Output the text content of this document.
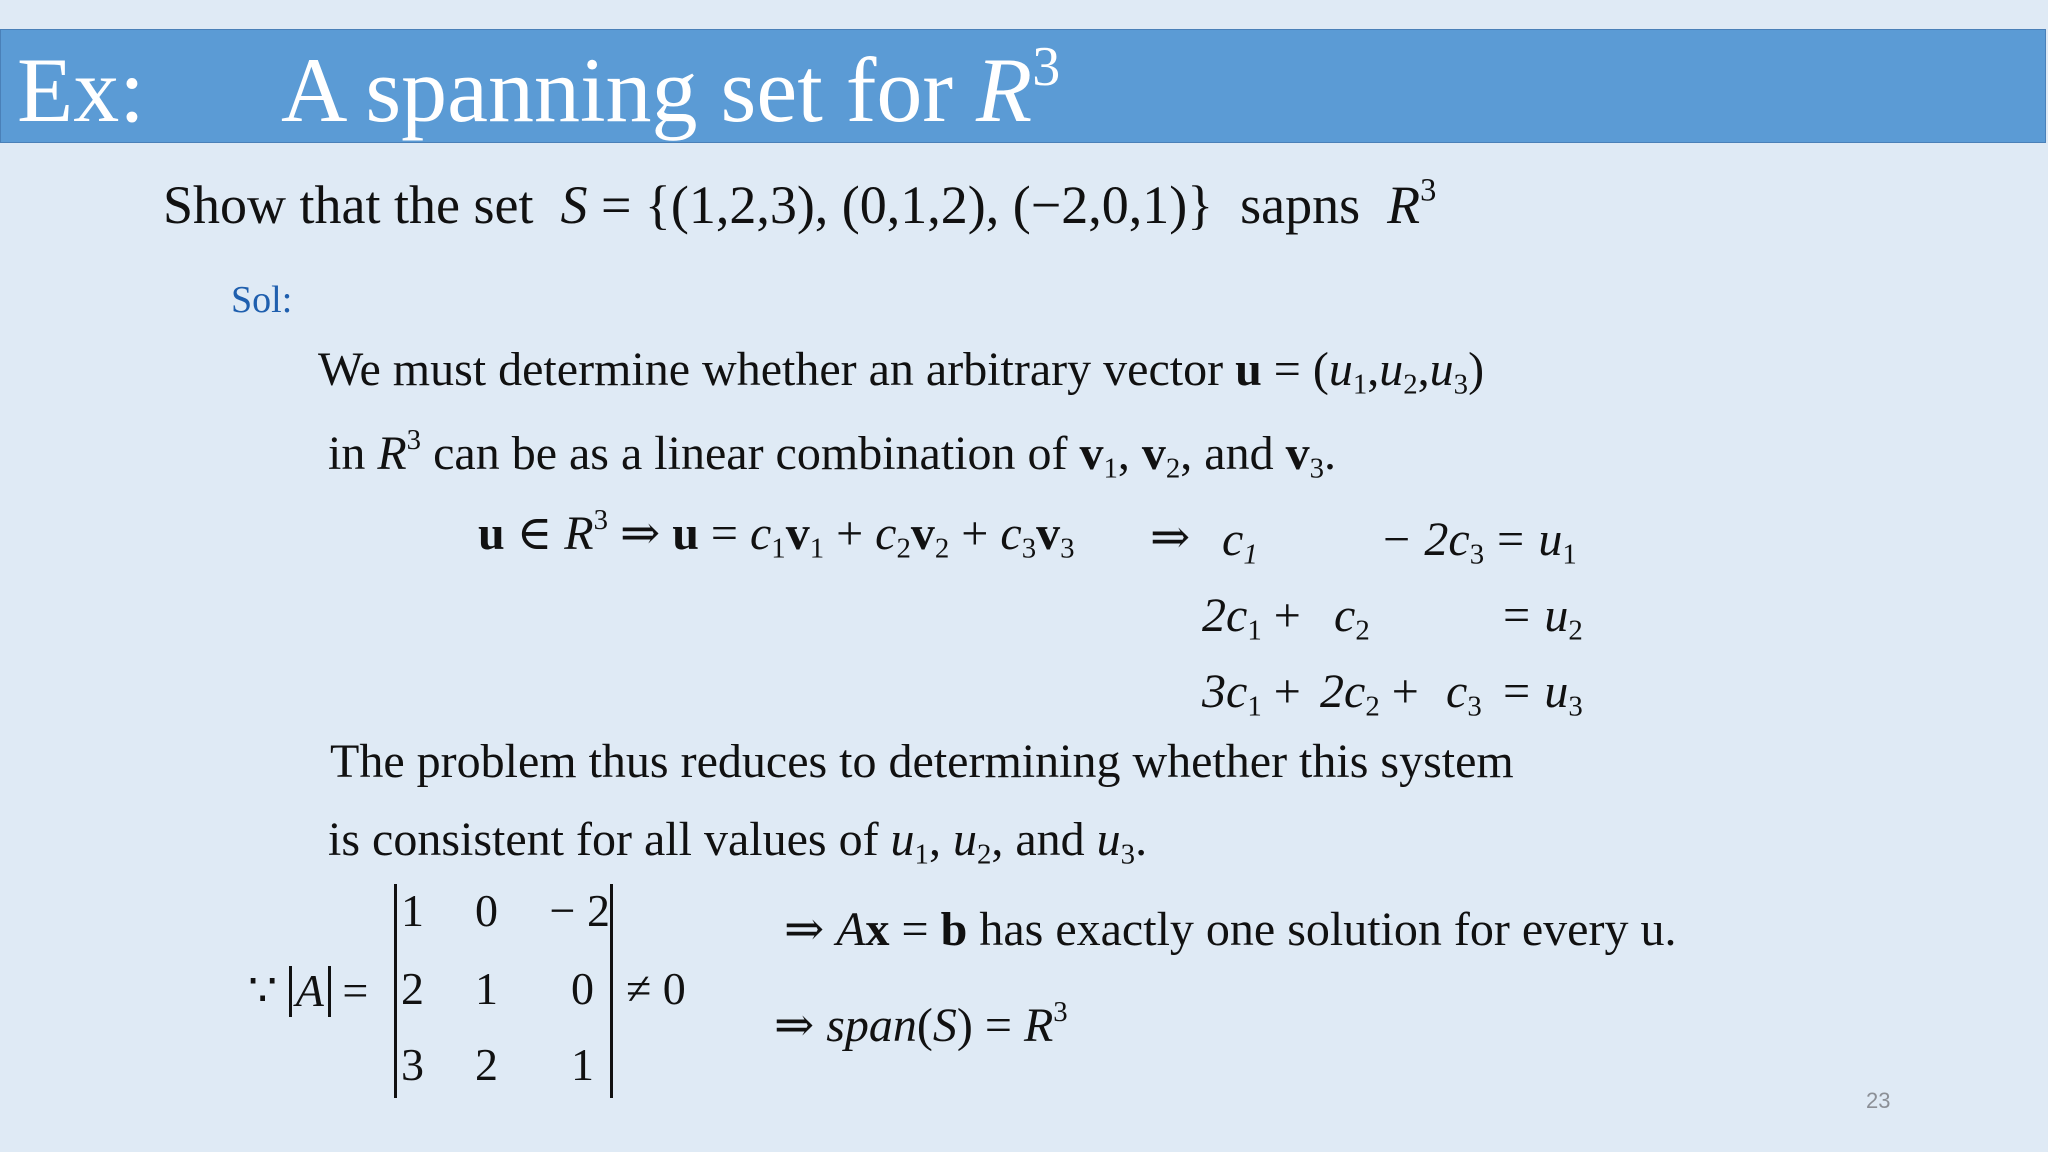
Ex: A spanning set for $R^3$
Show that the set S = {(1,2,3), (0,1,2), (−2,0,1)} sapns $R^3$
Sol:
We must determine whether an arbitrary vector $u = (u_1,u_2,u_3)$
in $R^3$ can be as a linear combination of $v_1$, $v_2$, and $v_3$.
u ∈ $R^3$ ⇒ $u = c_1v_1 + c_2v_2 + c_3v_3$ ⇒ $c_1$	− $2c_3 = u_1$
$2c_1 + c_2$	= $u_2$
$3c_1 + 2c_2 + c_3 = u_3$
The problem thus reduces to determining whether this system
is consistent for all values of $u_1$, $u_2$, and $u_3$.
∵ A =
1	0	− 2
2	1	0
3	2	1
≠ 0
⇒ Ax = b has exactly one solution for every u.
⇒ span(S) = $R^3$
23
